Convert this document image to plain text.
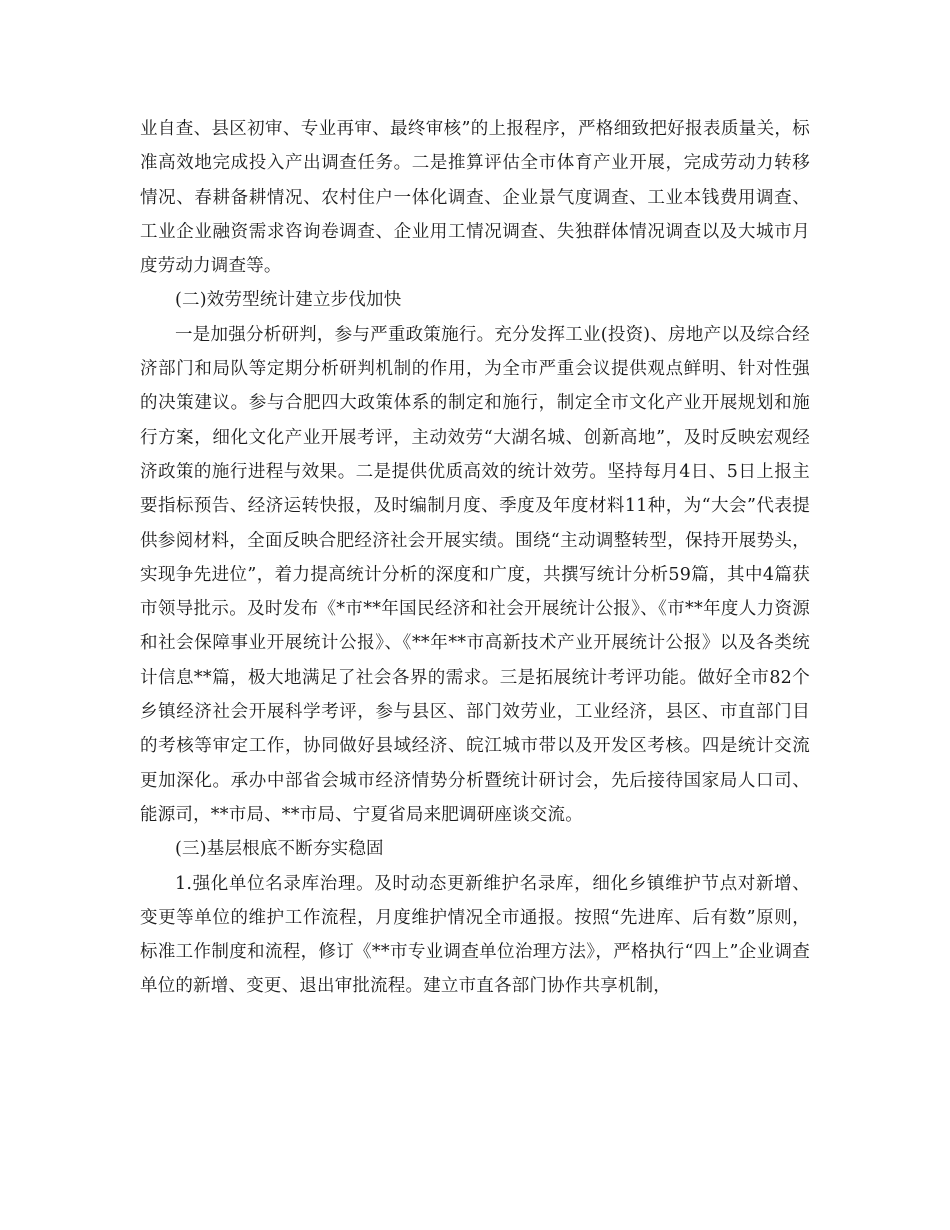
业自查、县区初审、专业再审、最终审核”的上报程序，严格细致把好报表质量关，标准高效地完成投入产出调查任务。二是推算评估全市体育产业开展，完成劳动力转移情况、春耕备耕情况、农村住户一体化调查、企业景气度调查、工业本钱费用调查、工业企业融资需求咨询卷调查、企业用工情况调查、失独群体情况调查以及大城市月度劳动力调查等。

(二)效劳型统计建立步伐加快

一是加强分析研判，参与严重政策施行。充分发挥工业(投资)、房地产以及综合经济部门和局队等定期分析研判机制的作用，为全市严重会议提供观点鲜明、针对性强的决策建议。参与合肥四大政策体系的制定和施行，制定全市文化产业开展规划和施行方案，细化文化产业开展考评，主动效劳“大湖名城、创新高地”，及时反映宏观经济政策的施行进程与效果。二是提供优质高效的统计效劳。坚持每月4日、5日上报主要指标预告、经济运转快报，及时编制月度、季度及年度材料11种，为“大会”代表提供参阅材料，全面反映合肥经济社会开展实绩。围绕“主动调整转型，保持开展势头，实现争先进位”，着力提高统计分析的深度和广度，共撰写统计分析59篇，其中4篇获市领导批示。及时发布《*市**年国民经济和社会开展统计公报》、《市**年度人力资源和社会保障事业开展统计公报》、《**年**市高新技术产业开展统计公报》以及各类统计信息**篇，极大地满足了社会各界的需求。三是拓展统计考评功能。做好全市82个乡镇经济社会开展科学考评，参与县区、部门效劳业，工业经济，县区、市直部门目的考核等审定工作，协同做好县域经济、皖江城市带以及开发区考核。四是统计交流更加深化。承办中部省会城市经济情势分析暨统计研讨会，先后接待国家局人口司、能源司，**市局、**市局、宁夏省局来肥调研座谈交流。

(三)基层根底不断夯实稳固

1.强化单位名录库治理。及时动态更新维护名录库，细化乡镇维护节点对新增、变更等单位的维护工作流程，月度维护情况全市通报。按照“先进库、后有数”原则，标准工作制度和流程，修订《**市专业调查单位治理方法》，严格执行“四上”企业调查单位的新增、变更、退出审批流程。建立市直各部门协作共享机制，
